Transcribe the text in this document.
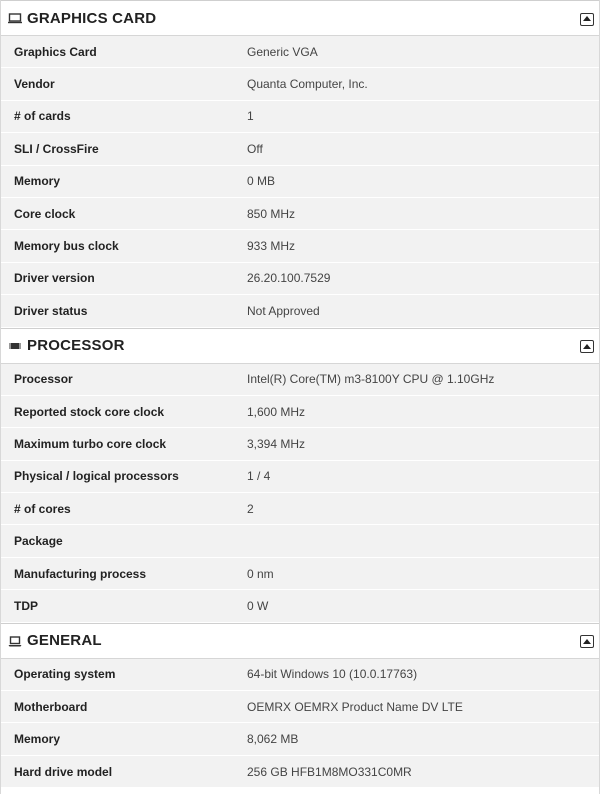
GRAPHICS CARD
Graphics Card	Generic VGA
Vendor	Quanta Computer, Inc.
# of cards	1
SLI / CrossFire	Off
Memory	0 MB
Core clock	850 MHz
Memory bus clock	933 MHz
Driver version	26.20.100.7529
Driver status	Not Approved
PROCESSOR
Processor	Intel(R) Core(TM) m3-8100Y CPU @ 1.10GHz
Reported stock core clock	1,600 MHz
Maximum turbo core clock	3,394 MHz
Physical / logical processors	1 / 4
# of cores	2
Package
Manufacturing process	0 nm
TDP	0 W
GENERAL
Operating system	64-bit Windows 10 (10.0.17763)
Motherboard	OEMRX OEMRX Product Name DV LTE
Memory	8,062 MB
Hard drive model	256 GB HFB1M8MO331C0MR
